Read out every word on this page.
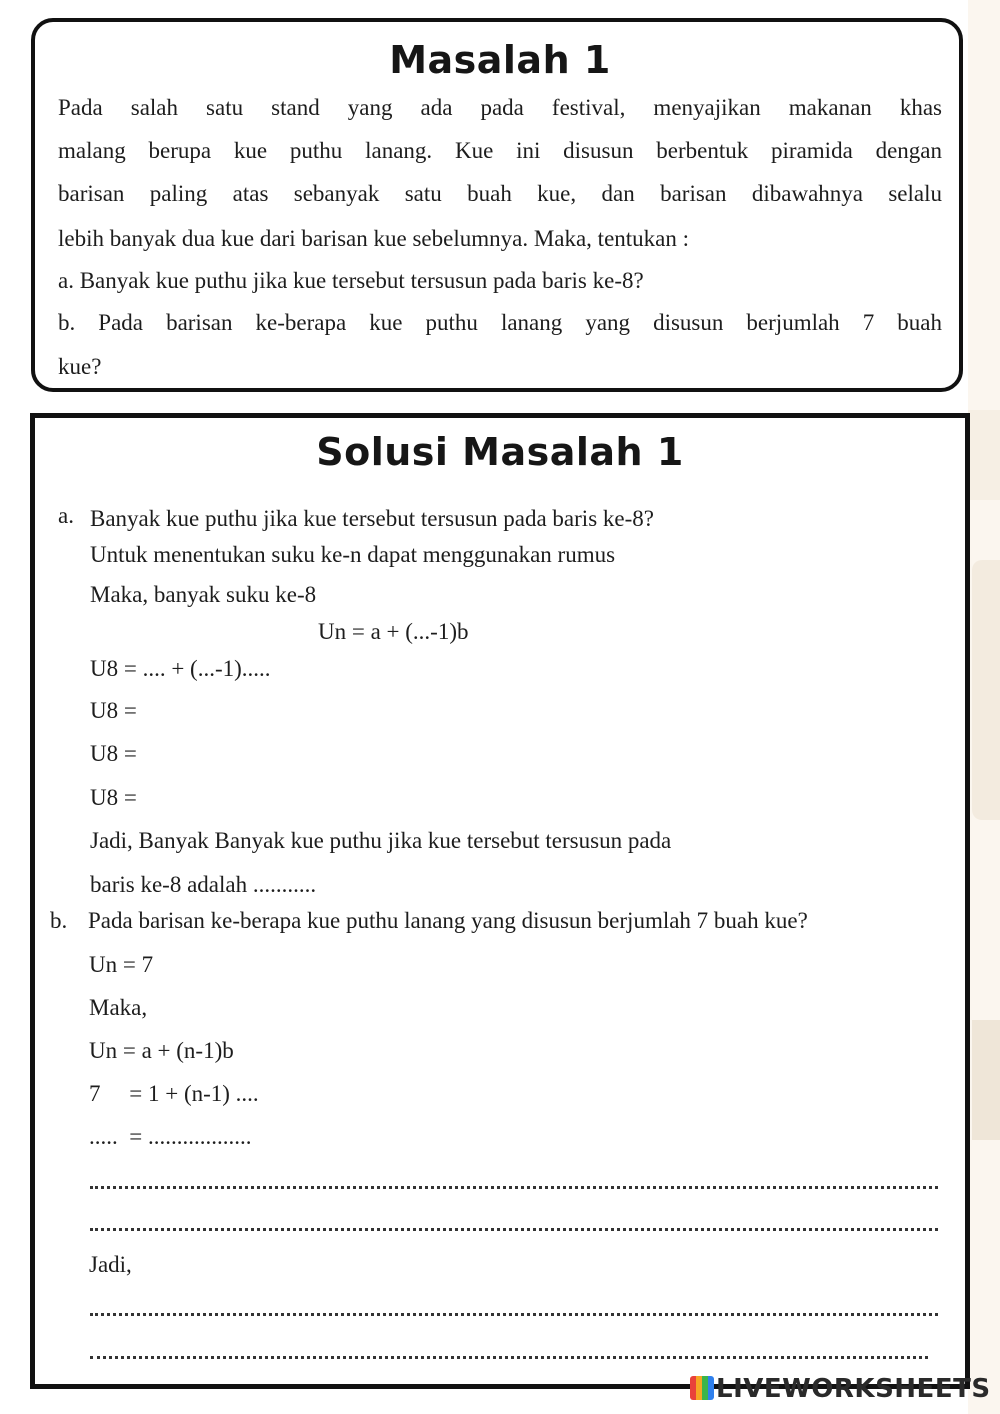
Masalah 1

Pada salah satu stand yang ada pada festival, menyajikan makanan khas

malang berupa kue puthu lanang. Kue ini disusun berbentuk piramida dengan

barisan paling atas sebanyak satu buah kue, dan barisan dibawahnya selalu

lebih banyak dua kue dari barisan kue sebelumnya. Maka, tentukan :

a. Banyak kue puthu jika kue tersebut tersusun pada baris ke-8?

b. Pada barisan ke-berapa kue puthu lanang yang disusun berjumlah 7 buah

kue?

Solusi Masalah 1

a. Banyak kue puthu jika kue tersebut tersusun pada baris ke-8?

Untuk menentukan suku ke-n dapat menggunakan rumus

Maka, banyak suku ke-8

Un = a + (...-1)b

U8 = .... + (...-1).....

U8 =

U8 =

U8 =

Jadi, Banyak Banyak kue puthu jika kue tersebut tersusun pada

baris ke-8 adalah ...........

b. Pada barisan ke-berapa kue puthu lanang yang disusun berjumlah 7 buah kue?

Un = 7

Maka,

Un = a + (n-1)b

7     = 1 + (n-1) ....

.....  = ..................

Jadi,

LIVEWORKSHEETS
